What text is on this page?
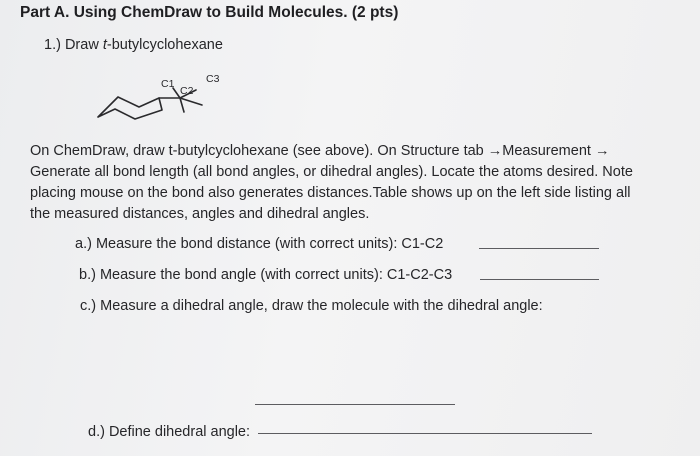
Part A. Using ChemDraw to Build Molecules. (2 pts)
1.) Draw t-butylcyclohexane
C1
C2
C3
On ChemDraw, draw t-butylcyclohexane (see above). On Structure tab →Measurement →
Generate all bond length (all bond angles, or dihedral angles). Locate the atoms desired. Note
placing mouse on the bond also generates distances.Table shows up on the left side listing all
the measured distances, angles and dihedral angles.
a.) Measure the bond distance (with correct units): C1-C2
b.) Measure the bond angle (with correct units): C1-C2-C3
c.) Measure a dihedral angle, draw the molecule with the dihedral angle:
d.) Define dihedral angle:
